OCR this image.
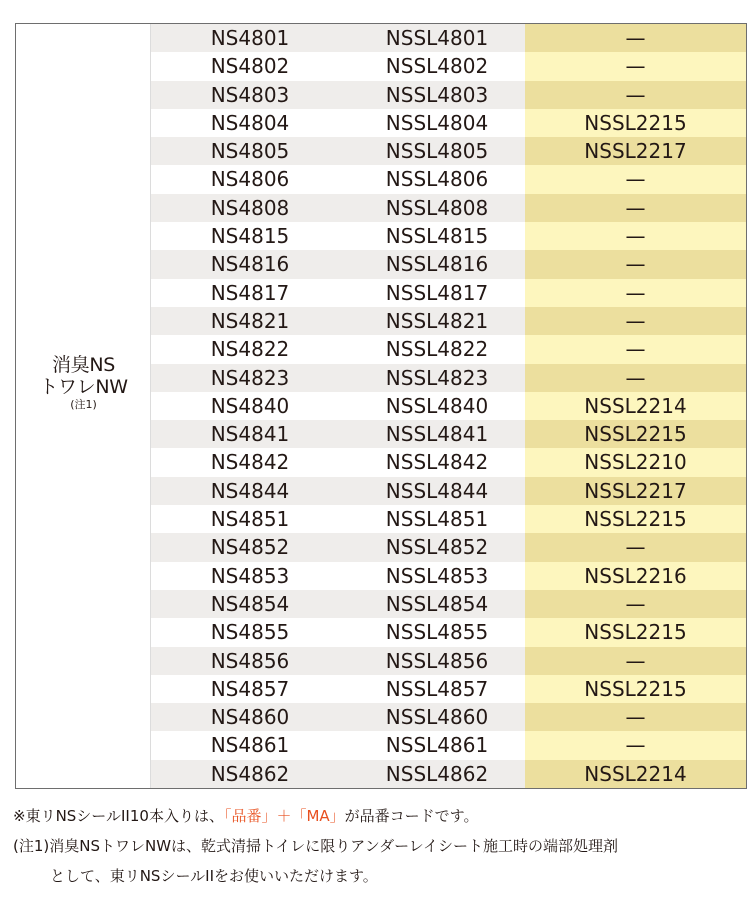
消臭NS
トワレNW
(注1)
NS4801	NSSL4801	—
NS4802	NSSL4802	—
NS4803	NSSL4803	—
NS4804	NSSL4804	NSSL2215
NS4805	NSSL4805	NSSL2217
NS4806	NSSL4806	—
NS4808	NSSL4808	—
NS4815	NSSL4815	—
NS4816	NSSL4816	—
NS4817	NSSL4817	—
NS4821	NSSL4821	—
NS4822	NSSL4822	—
NS4823	NSSL4823	—
NS4840	NSSL4840	NSSL2214
NS4841	NSSL4841	NSSL2215
NS4842	NSSL4842	NSSL2210
NS4844	NSSL4844	NSSL2217
NS4851	NSSL4851	NSSL2215
NS4852	NSSL4852	—
NS4853	NSSL4853	NSSL2216
NS4854	NSSL4854	—
NS4855	NSSL4855	NSSL2215
NS4856	NSSL4856	—
NS4857	NSSL4857	NSSL2215
NS4860	NSSL4860	—
NS4861	NSSL4861	—
NS4862	NSSL4862	NSSL2214
※東リNSシールII10本入りは、「品番」＋「MA」が品番コードです。
(注1)消臭NSトワレNWは、乾式清掃トイレに限りアンダーレイシート施工時の端部処理剤
として、東リNSシールIIをお使いいただけます。
